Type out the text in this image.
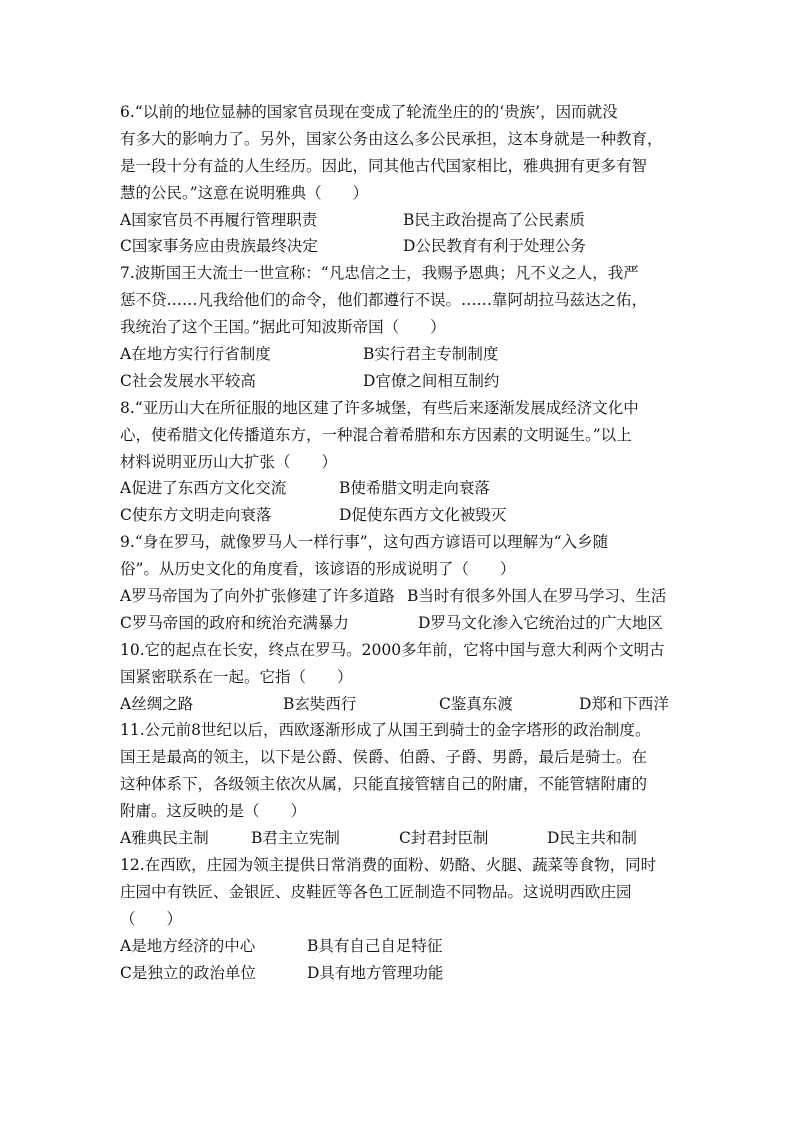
6.“以前的地位显赫的国家官员现在变成了轮流坐庄的的‘贵族’，因而就没
有多大的影响力了。另外，国家公务由这么多公民承担，这本身就是一种教育，
是一段十分有益的人生经历。因此，同其他古代国家相比，雅典拥有更多有智
慧的公民。”这意在说明雅典（　　）
A国家官员不再履行管理职责	B民主政治提高了公民素质
C国家事务应由贵族最终决定	D公民教育有利于处理公务
7.波斯国王大流士一世宣称：“凡忠信之士，我赐予恩典；凡不义之人，我严
惩不贷……凡我给他们的命令，他们都遵行不误。……靠阿胡拉马兹达之佑，
我统治了这个王国。”据此可知波斯帝国（　　）
A在地方实行行省制度	B实行君主专制制度
C社会发展水平较高	D官僚之间相互制约
8.“亚历山大在所征服的地区建了许多城堡，有些后来逐渐发展成经济文化中
心，使希腊文化传播道东方，一种混合着希腊和东方因素的文明诞生。”以上
材料说明亚历山大扩张（　　）
A促进了东西方文化交流	B使希腊文明走向衰落
C使东方文明走向衰落	D促使东西方文化被毁灭
9.“身在罗马，就像罗马人一样行事”，这句西方谚语可以理解为“入乡随
俗”。从历史文化的角度看，该谚语的形成说明了（　　）
A罗马帝国为了向外扩张修建了许多道路 B当时有很多外国人在罗马学习、生活
C罗马帝国的政府和统治充满暴力	D罗马文化渗入它统治过的广大地区
10.它的起点在长安，终点在罗马。2000多年前，它将中国与意大利两个文明古
国紧密联系在一起。它指（　　）
A丝绸之路	B玄奘西行	C鉴真东渡	D郑和下西洋
11.公元前8世纪以后，西欧逐渐形成了从国王到骑士的金字塔形的政治制度。
国王是最高的领主，以下是公爵、侯爵、伯爵、子爵、男爵，最后是骑士。在
这种体系下，各级领主依次从属，只能直接管辖自己的附庸，不能管辖附庸的
附庸。这反映的是（　　）
A雅典民主制	B君主立宪制	C封君封臣制	D民主共和制
12.在西欧，庄园为领主提供日常消费的面粉、奶酪、火腿、蔬菜等食物，同时
庄园中有铁匠、金银匠、皮鞋匠等各色工匠制造不同物品。这说明西欧庄园
（　　）
A是地方经济的中心	B具有自己自足特征
C是独立的政治单位	D具有地方管理功能
